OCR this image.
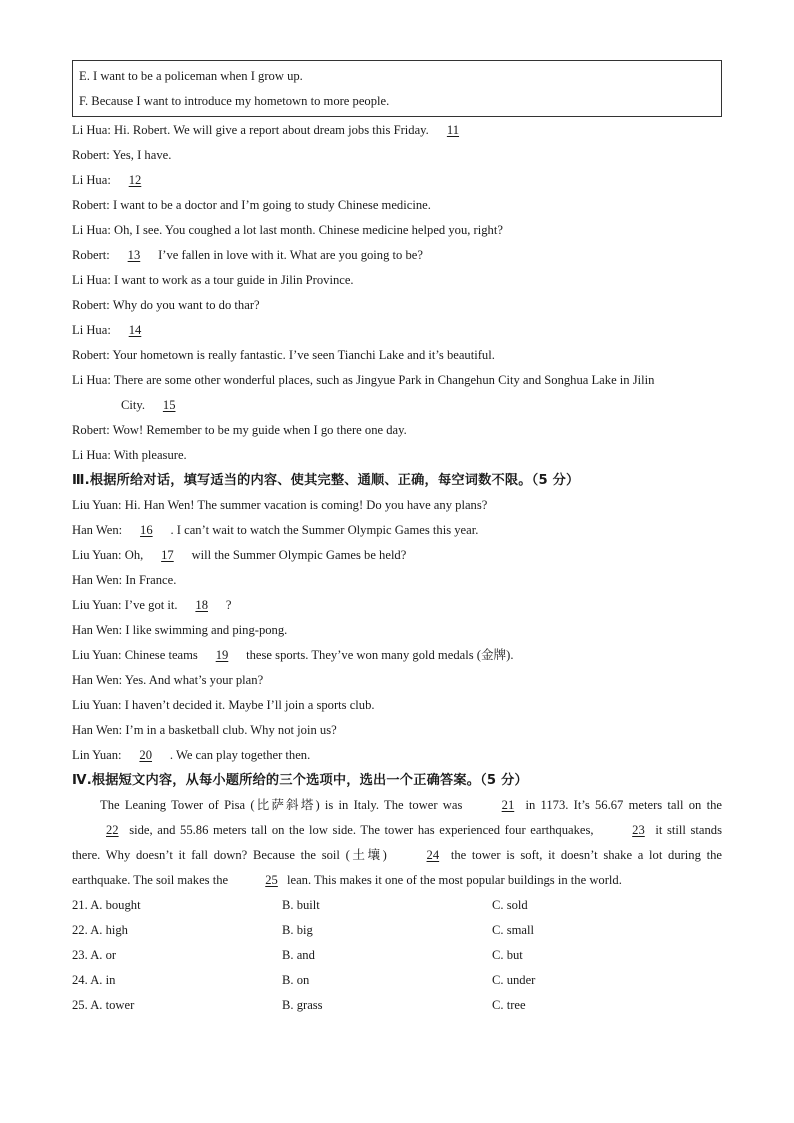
E. I want to be a policeman when I grow up.
F. Because I want to introduce my hometown to more people.
Li Hua: Hi. Robert. We will give a report about dream jobs this Friday. 11
Robert: Yes, I have.
Li Hua: 12
Robert: I want to be a doctor and I’m going to study Chinese medicine.
Li Hua: Oh, I see. You coughed a lot last month. Chinese medicine helped you, right?
Robert: 13 I’ve fallen in love with it. What are you going to be?
Li Hua: I want to work as a tour guide in Jilin Province.
Robert: Why do you want to do thar?
Li Hua: 14
Robert: Your hometown is really fantastic. I’ve seen Tianchi Lake and it’s beautiful.
Li Hua: There are some other wonderful places, such as Jingyue Park in Changehun City and Songhua Lake in Jilin
City. 15
Robert: Wow! Remember to be my guide when I go there one day.
Li Hua: With pleasure.
Ⅲ.根据所给对话，填写适当的内容、使其完整、通顺、正确，每空词数不限。（5 分）
Liu Yuan: Hi. Han Wen! The summer vacation is coming! Do you have any plans?
Han Wen: 16 . I can’t wait to watch the Summer Olympic Games this year.
Liu Yuan: Oh, 17 will the Summer Olympic Games be held?
Han Wen: In France.
Liu Yuan: I’ve got it. 18 ?
Han Wen: I like swimming and ping-pong.
Liu Yuan: Chinese teams 19 these sports. They’ve won many gold medals (金牌).
Han Wen: Yes. And what’s your plan?
Liu Yuan: I haven’t decided it. Maybe I’ll join a sports club.
Han Wen: I’m in a basketball club. Why not join us?
Lin Yuan: 20 . We can play together then.
Ⅳ.根据短文内容，从每小题所给的三个选项中，选出一个正确答案。（5 分）
The Leaning Tower of Pisa (比萨斜塔) is in Italy. The tower was	21 in 1173. It’s 56.67 meters tall on the 22 side, and 55.86 meters tall on the low side. The tower has experienced four earthquakes,	23 it still stands there. Why doesn’t it fall down? Because the soil (土壤)	24 the tower is soft, it doesn’t shake a lot during the earthquake. The soil makes the	25 lean. This makes it one of the most popular buildings in the world.
21. A. bought	B. built	C. sold
22. A. high	B. big	C. small
23. A. or	B. and	C. but
24. A. in	B. on	C. under
25. A. tower	B. grass	C. tree
